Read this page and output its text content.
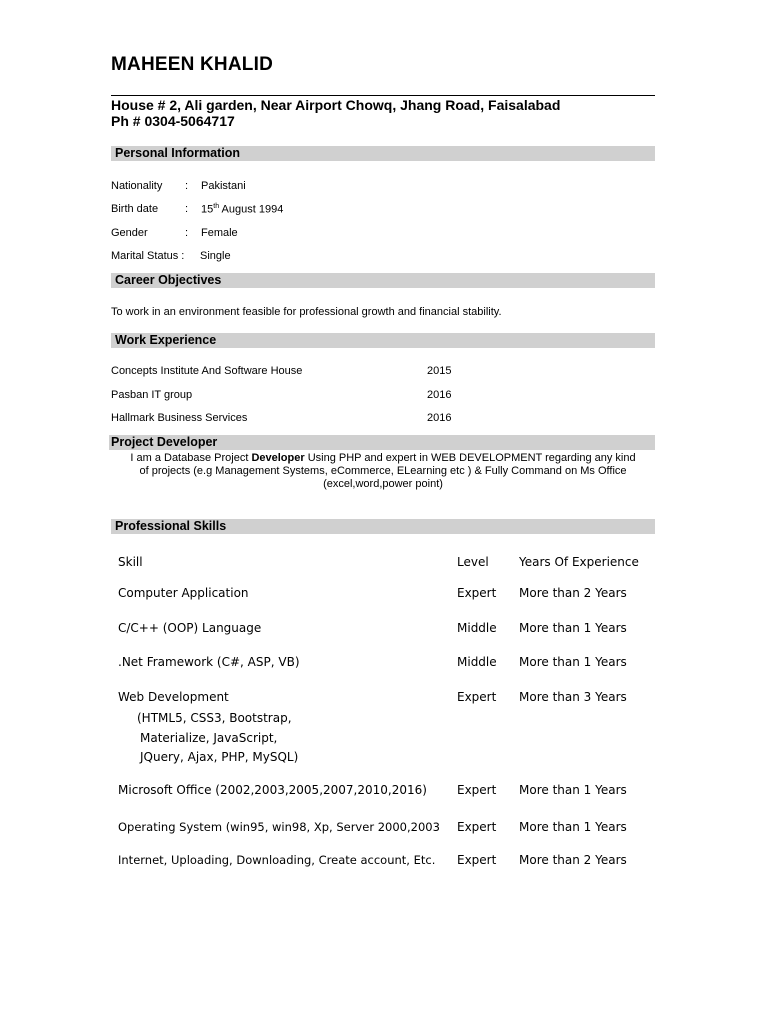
MAHEEN KHALID
House # 2, Ali garden, Near Airport Chowq, Jhang Road, Faisalabad
Ph # 0304-5064717
Personal Information
Nationality : Pakistani
Birth date : 15th August 1994
Gender	: Female
Marital Status : Single
Career Objectives
To work in an environment feasible for professional growth and financial stability.
Work Experience
Concepts Institute And Software House	2015
Pasban IT group	2016
Hallmark Business Services	2016
Project Developer
I am a Database Project Developer Using PHP and expert in WEB DEVELOPMENT regarding any kind
of projects (e.g Management Systems, eCommerce, ELearning etc ) & Fully Command on Ms Office
(excel,word,power point)
Professional Skills
Skill	Level	Years Of Experience
Computer Application	Expert More than 2 Years
C/C++ (OOP) Language	Middle More than 1 Years
.Net Framework (C#, ASP, VB)	Middle More than 1 Years
Web Development	Expert More than 3 Years
(HTML5, CSS3, Bootstrap,
Materialize, JavaScript,
JQuery, Ajax, PHP, MySQL)
Microsoft Office (2002,2003,2005,2007,2010,2016)	Expert More than 1 Years
Operating System (win95, win98, Xp, Server 2000,2003 Expert More than 1 Years
Internet, Uploading, Downloading, Create account, Etc. Expert More than 2 Years
